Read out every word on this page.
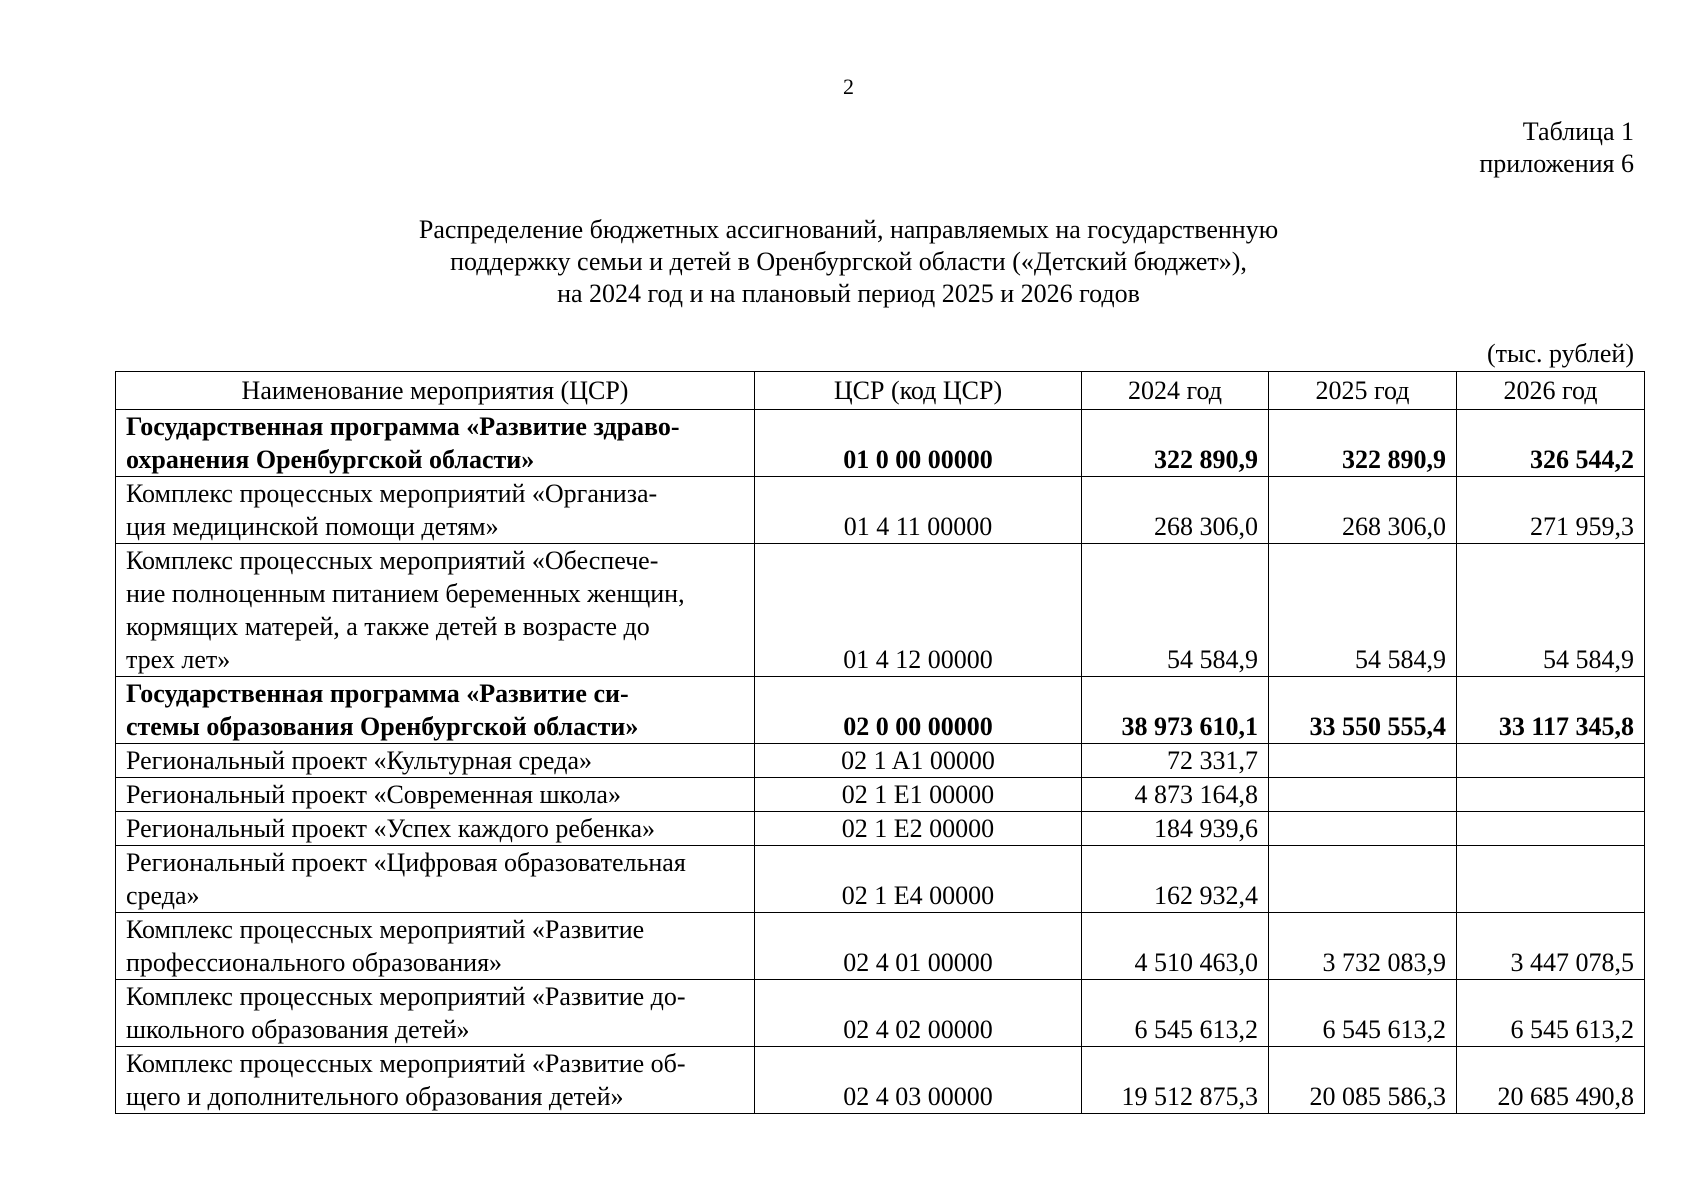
2
Таблица 1
приложения 6
Распределение бюджетных ассигнований, направляемых на государственную
поддержку семьи и детей в Оренбургской области («Детский бюджет»),
на 2024 год и на плановый период 2025 и 2026 годов
(тыс. рублей)
Наименование мероприятия (ЦСР)	ЦСР (код ЦСР)	2024 год	2025 год	2026 год

Государственная программа «Развитие здраво-
охранения Оренбургской области»	01 0 00 00000	322 890,9	322 890,9	326 544,2

Комплекс процессных мероприятий «Организа-
ция медицинской помощи детям»	01 4 11 00000	268 306,0	268 306,0	271 959,3

Комплекс процессных мероприятий «Обеспече-
ние полноценным питанием беременных женщин,
кормящих матерей, а также детей в возрасте до
трех лет»	01 4 12 00000	54 584,9	54 584,9	54 584,9

Государственная программа «Развитие си-
стемы образования Оренбургской области»	02 0 00 00000	38 973 610,1	33 550 555,4	33 117 345,8

Региональный проект «Культурная среда»	02 1 A1 00000	72 331,7		

Региональный проект «Современная школа»	02 1 E1 00000	4 873 164,8		

Региональный проект «Успех каждого ребенка»	02 1 E2 00000	184 939,6		

Региональный проект «Цифровая образовательная
среда»	02 1 E4 00000	162 932,4		

Комплекс процессных мероприятий «Развитие
профессионального образования»	02 4 01 00000	4 510 463,0	3 732 083,9	3 447 078,5

Комплекс процессных мероприятий «Развитие до-
школьного образования детей»	02 4 02 00000	6 545 613,2	6 545 613,2	6 545 613,2

Комплекс процессных мероприятий «Развитие об-
щего и дополнительного образования детей»	02 4 03 00000	19 512 875,3	20 085 586,3	20 685 490,8
